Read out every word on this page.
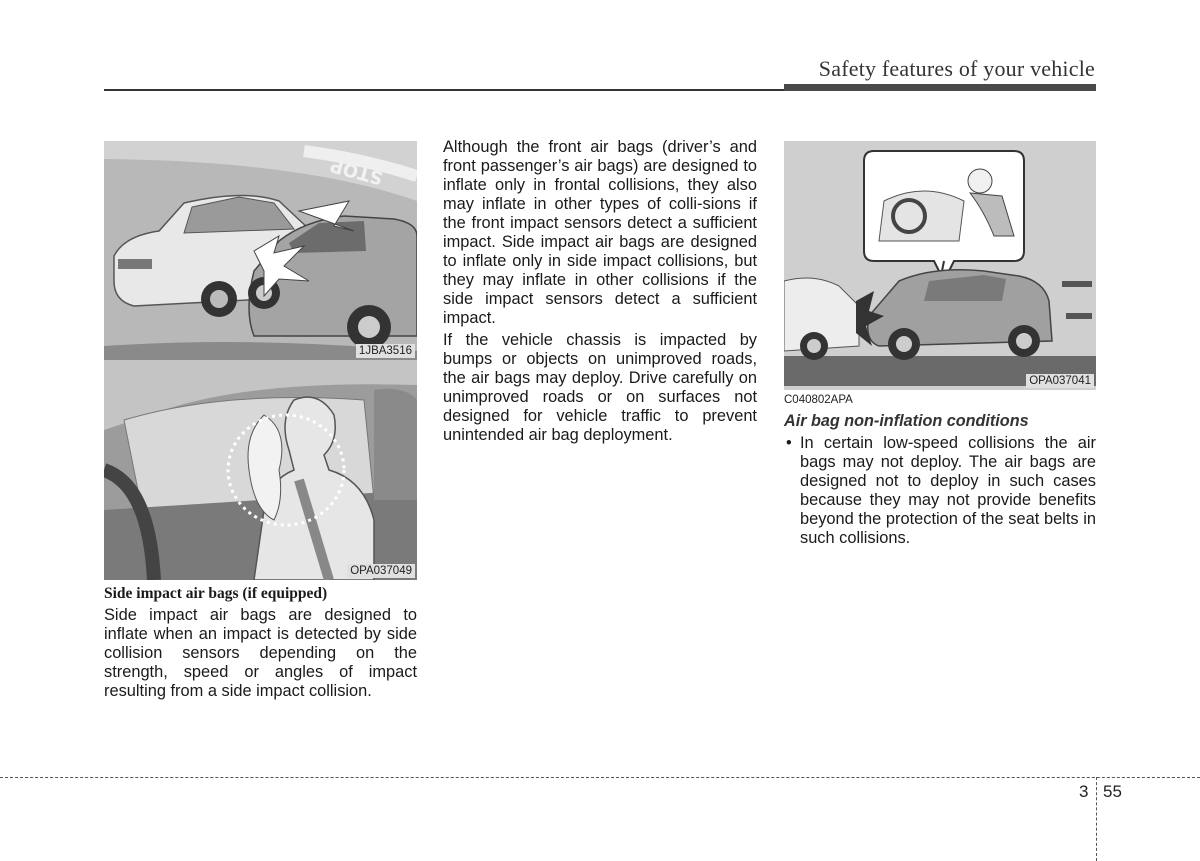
Safety features of your vehicle
STOP
1JBA3516
OPA037049
Side impact air bags (if equipped)

Side impact air bags are designed to inflate when an impact is detected by side collision sensors depending on the strength, speed or angles of impact resulting from a side impact collision.

Although the front air bags (driver’s and front passenger’s air bags) are designed to inflate only in frontal collisions, they also may inflate in other types of colli-sions if the front impact sensors detect a sufficient impact. Side impact air bags are designed to inflate only in side impact collisions, but they may inflate in other collisions if the side impact sensors detect a sufficient impact.

If the vehicle chassis is impacted by bumps or objects on unimproved roads, the air bags may deploy. Drive carefully on unimproved roads or on surfaces not designed for vehicle traffic to prevent unintended air bag deployment.

OPA037041
C040802APA
Air bag non-inflation conditions
• In certain low-speed collisions the air bags may not deploy. The air bags are designed not to deploy in such cases because they may not provide benefits beyond the protection of the seat belts in such collisions.
3 55
